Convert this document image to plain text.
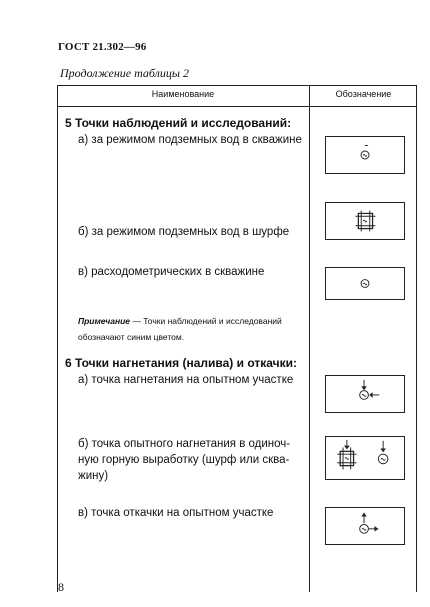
ГОСТ 21.302—96
Продолжение таблицы 2
Наименование	Обозначение
5 Точки наблюдений и исследований:
а) за режимом подземных вод в скважине
б) за режимом подземных вод в шурфе
в) расходометрических в скважине
Примечание — Точки наблюдений и исследований
обозначают синим цветом.
6 Точки нагнетания (налива) и откачки:
а) точка нагнетания на опытном участке
б) точка опытного нагнетания в одиноч-
ную горную выработку (шурф или сква-
жину)
в) точка откачки на опытном участке
8
